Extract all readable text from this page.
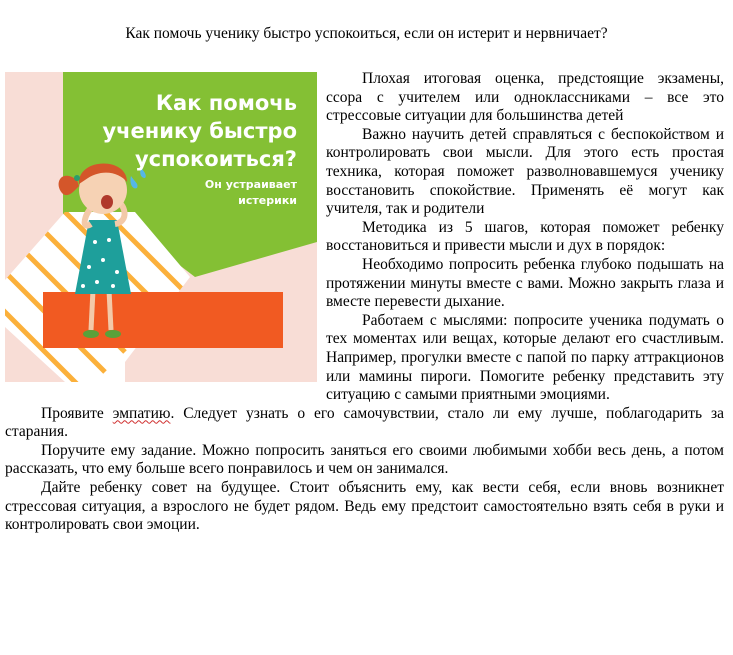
Как помочь ученику быстро успокоиться, если он истерит и нервничает?
Как помочь
ученику быстро
успокоиться?
Он устраивает
истерики

Плохая итоговая оценка, предстоящие экзамены, ссора с учителем или одноклассниками – все это стрессовые ситуации для большинства детей

Важно научить детей справляться с беспокойством и контролировать свои мысли. Для этого есть простая техника, которая поможет разволновавшемуся ученику восстановить спокойствие. Применять её могут как учителя, так и родители

Методика из 5 шагов, которая поможет ребенку восстановиться и привести мысли и дух в порядок:

Необходимо попросить ребенка глубоко подышать на протяжении минуты вместе с вами. Можно закрыть глаза и вместе перевести дыхание.

Работаем с мыслями: попросите ученика подумать о тех моментах или вещах, которые делают его счастливым. Например, прогулки вместе с папой по парку аттракционов или мамины пироги. Помогите ребенку представить эту ситуацию с самыми приятными эмоциями.

Проявите эмпатию. Следует узнать о его самочувствии, стало ли ему лучше, поблагодарить за старания.

Поручите ему задание. Можно попросить заняться его своими любимыми хобби весь день, а потом рассказать, что ему больше всего понравилось и чем он занимался.

Дайте ребенку совет на будущее. Стоит объяснить ему, как вести себя, если вновь возникнет стрессовая ситуация, а взрослого не будет рядом. Ведь ему предстоит самостоятельно взять себя в руки и контролировать свои эмоции.
